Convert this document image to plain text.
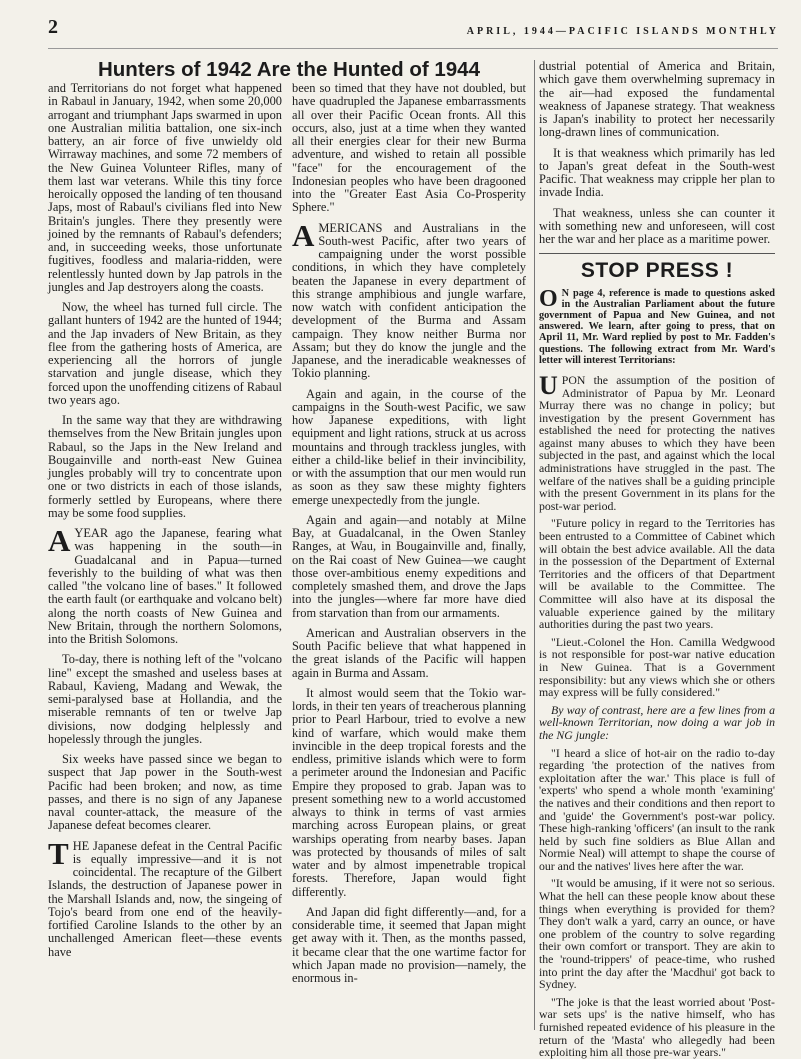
2	APRIL, 1944—PACIFIC ISLANDS MONTHLY
Hunters of 1942 Are the Hunted of 1944

and Territorians do not forget what happened in Rabaul in January, 1942, when some 20,000 arrogant and triumphant Japs swarmed in upon one Australian militia battalion, one six-inch battery, an air force of five unwieldy old Wirraway machines, and some 72 members of the New Guinea Volunteer Rifles, many of them last war veterans. While this tiny force heroically opposed the landing of ten thousand Japs, most of Rabaul's civilians fled into New Britain's jungles. There they presently were joined by the remnants of Rabaul's defenders; and, in succeeding weeks, those unfortunate fugitives, foodless and malaria-ridden, were relentlessly hunted down by Jap patrols in the jungles and Jap destroyers along the coasts.

Now, the wheel has turned full circle. The gallant hunters of 1942 are the hunted of 1944; and the Jap invaders of New Britain, as they flee from the gathering hosts of America, are experiencing all the horrors of jungle starvation and jungle disease, which they forced upon the unoffending citizens of Rabaul two years ago.

In the same way that they are withdrawing themselves from the New Britain jungles upon Rabaul, so the Japs in the New Ireland and Bougainville and north-east New Guinea jungles probably will try to concentrate upon one or two districts in each of those islands, formerly settled by Europeans, where there may be some food supplies.

AYEAR ago the Japanese, fearing what was happening in the south—in Guadalcanal and in Papua—turned feverishly to the building of what was then called "the volcano line of bases." It followed the earth fault (or earthquake and volcano belt) along the north coasts of New Guinea and New Britain, through the northern Solomons, into the British Solomons.

To-day, there is nothing left of the "volcano line" except the smashed and useless bases at Rabaul, Kavieng, Madang and Wewak, the semi-paralysed base at Hollandia, and the miserable remnants of ten or twelve Jap divisions, now dodging helplessly and hopelessly through the jungles.

Six weeks have passed since we began to suspect that Jap power in the South-west Pacific had been broken; and now, as time passes, and there is no sign of any Japanese naval counter-attack, the measure of the Japanese defeat becomes clearer.

THE Japanese defeat in the Central Pacific is equally impressive—and it is not coincidental. The recapture of the Gilbert Islands, the destruction of Japanese power in the Marshall Islands and, now, the singeing of Tojo's beard from one end of the heavily-fortified Caroline Islands to the other by an unchallenged American fleet—these events have

been so timed that they have not doubled, but have quadrupled the Japanese embarrassments all over their Pacific Ocean fronts. All this occurs, also, just at a time when they wanted all their energies clear for their new Burma adventure, and wished to retain all possible "face" for the encouragement of the Indonesian peoples who have been dragooned into the "Greater East Asia Co-Prosperity Sphere."

AMERICANS and Australians in the South-west Pacific, after two years of campaigning under the worst possible conditions, in which they have completely beaten the Japanese in every department of this strange amphibious and jungle warfare, now watch with confident anticipation the development of the Burma and Assam campaign. They know neither Burma nor Assam; but they do know the jungle and the Japanese, and the ineradicable weaknesses of Tokio planning.

Again and again, in the course of the campaigns in the South-west Pacific, we saw how Japanese expeditions, with light equipment and light rations, struck at us across mountains and through trackless jungles, with either a child-like belief in their invincibility, or with the assumption that our men would run as soon as they saw these mighty fighters emerge unexpectedly from the jungle.

Again and again—and notably at Milne Bay, at Guadalcanal, in the Owen Stanley Ranges, at Wau, in Bougainville and, finally, on the Rai coast of New Guinea—we caught those over-ambitious enemy expeditions and completely smashed them, and drove the Japs into the jungles—where far more have died from starvation than from our armaments.

American and Australian observers in the South Pacific believe that what happened in the great islands of the Pacific will happen again in Burma and Assam.

It almost would seem that the Tokio war-lords, in their ten years of treacherous planning prior to Pearl Harbour, tried to evolve a new kind of warfare, which would make them invincible in the deep tropical forests and the endless, primitive islands which were to form a perimeter around the Indonesian and Pacific Empire they proposed to grab. Japan was to present something new to a world accustomed always to think in terms of vast armies marching across European plains, or great warships operating from nearby bases. Japan was protected by thousands of miles of salt water and by almost impenetrable tropical forests. Therefore, Japan would fight differently.

And Japan did fight differently—and, for a considerable time, it seemed that Japan might get away with it. Then, as the months passed, it became clear that the one wartime factor for which Japan made no provision—namely, the enormous in-

dustrial potential of America and Britain, which gave them overwhelming supremacy in the air—had exposed the fundamental weakness of Japanese strategy. That weakness is Japan's inability to protect her necessarily long-drawn lines of communication.

It is that weakness which primarily has led to Japan's great defeat in the South-west Pacific. That weakness may cripple her plan to invade India.

That weakness, unless she can counter it with something new and unforeseen, will cost her the war and her place as a maritime power.

STOP PRESS !

O N page 4, reference is made to questions asked in the Australian Parliament about the future government of Papua and New Guinea, and not answered. We learn, after going to press, that on April 11, Mr. Ward replied by post to Mr. Fadden's questions. The following extract from Mr. Ward's letter will interest Territorians:

UPON the assumption of the position of Administrator of Papua by Mr. Leonard Murray there was no change in policy; but investigation by the present Government has established the need for protecting the natives against many abuses to which they have been subjected in the past, and against which the local administrations have struggled in the past. The welfare of the natives shall be a guiding principle with the present Government in its plans for the post-war period.

"Future policy in regard to the Territories has been entrusted to a Committee of Cabinet which will obtain the best advice available. All the data in the possession of the Department of External Territories and the officers of that Department will be available to the Committee. The Committee will also have at its disposal the valuable experience gained by the military authorities during the past two years.

"Lieut.-Colonel the Hon. Camilla Wedgwood is not responsible for post-war native education in New Guinea. That is a Government responsibility: but any views which she or others may express will be fully considered."

By way of contrast, here are a few lines from a well-known Territorian, now doing a war job in the NG jungle:

"I heard a slice of hot-air on the radio to-day regarding 'the protection of the natives from exploitation after the war.' This place is full of 'experts' who spend a whole month 'examining' the natives and their conditions and then report to and 'guide' the Government's post-war policy. These high-ranking 'officers' (an insult to the rank held by such fine soldiers as Blue Allan and Normie Neal) will attempt to shape the course of our and the natives' lives here after the war.

"It would be amusing, if it were not so serious. What the hell can these people know about these things when everything is provided for them? They don't walk a yard, carry an ounce, or have one problem of the country to solve regarding their own comfort or transport. They are akin to the 'round-trippers' of peace-time, who rushed into print the day after the 'Macdhui' got back to Sydney.

"The joke is that the least worried about 'Post-war sets ups' is the native himself, who has furnished repeated evidence of his pleasure in the return of the 'Masta' who allegedly had been exploiting him all those pre-war years."
